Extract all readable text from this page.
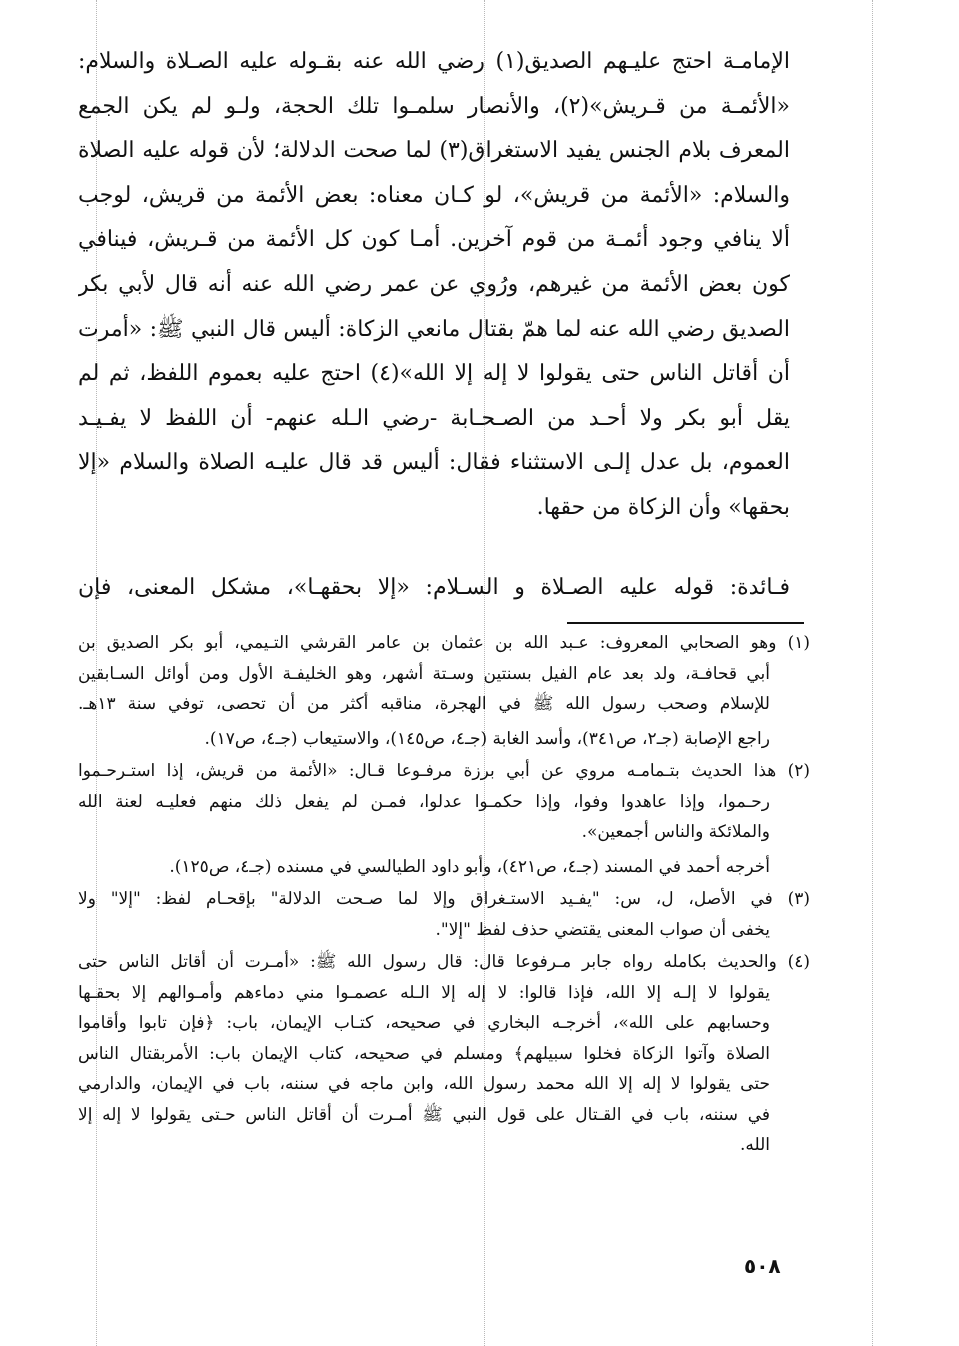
الإمامـة احتج عليـهم الصديق(١) رضي الله عنه بقـوله عليه الصـلاة والسلام:
«الأئمـة من قـريش»(٢)، والأنصار سلمـوا تلك الحجة، ولـو لم يكن الجمع
المعرف بلام الجنس يفيد الاستغراق(٣) لما صحت الدلالة؛ لأن قوله عليه الصلاة
والسلام: «الأئمة من قريش»، لو كـان معناه: بعض الأئمة من قريش، لوجب
ألا ينافي وجود أئمـة من قوم آخرين. أمـا كون كل الأئمة من قـريش، فينافي
كون بعض الأئمة من غيرهم، ورُوي عن عمر رضي الله عنه أنه قال لأبي بكر
الصديق رضي الله عنه لما همّ بقتال مانعي الزكاة: أليس قال النبي ﷺ: «أمرت
أن أقاتل الناس حتى يقولوا لا إله إلا الله»(٤) احتج عليه بعموم اللفظ، ثم لم
يقل أبو بكر ولا أحـد من الصـحـابة -رضي الـله عنهم- أن اللفظ لا يفـيـد
العموم، بل عدل إلـى الاستثناء فقال: أليس قد قال عليـه الصلاة والسلام «إلا
بحقها» وأن الزكاة من حقها.
فـائدة: قوله عليه الصـلاة و السـلام: «إلا بحقهـا»، مشكل المعنى، فإن
(١) وهو الصحابي المعروف: عـبد الله بن عثمان بن عامر القرشي التـيمي، أبو بكر الصديق بن
أبي قحافـة، ولد بعد عام الفيل بسنتين وسـتة أشهر، وهو الخليفـة الأول ومن أوائل السـابقين
للإسلام وصحب رسول الله ﷺ في الهجرة، مناقبه أكثر من أن تحصى، توفي سنة ١٣هـ.
راجع الإصابة (جـ٢، ص٣٤١)، وأسد الغابة (جـ٤، ص١٤٥)، والاستيعاب (جـ٤، ص١٧).
(٢) هذا الحديث بتـمامـه مروي عن أبي برزة مرفـوعا قـال: «الأئمة من قريش، إذا استـرحـموا
رحـموا، وإذا عاهدوا وفوا، وإذا حكمـوا عدلوا، فمـن لم يفعل ذلك منهم فعليـه لعنة الله
والملائكة والناس أجمعين».
أخرجه أحمد في المسند (جـ٤، ص٤٢١)، وأبو داود الطيالسي في مسنده (جـ٤، ص١٢٥).
(٣) في الأصل، ل، س: "يفـيد الاستـغراق وإلا لما صـحت الدلالة" بإقحـام لفظ: "إلا" ولا
يخفى أن صواب المعنى يقتضي حذف لفظ "إلا".
(٤) والحديث بكامله رواه جابر مـرفوعا قال: قال رسول الله ﷺ: «أمـرت أن أقاتل الناس حتى
يقولوا لا إلـه إلا الله، فإذا قالوا: لا إله إلا الـله عصمـوا مني دماءهم وأمـوالهم إلا بحقـها
وحسابهم على الله»، أخرجـه البخاري في صحيحه، كتـاب الإيمان، باب: ﴿فإن تابوا وأقاموا
الصلاة وآتوا الزكاة فخلوا سبيلهم﴾ ومسلم في صحيحه، كتاب الإيمان باب: الأمربقتال الناس
حتى يقولوا لا إله إلا الله محمد رسول الله، وابن ماجه في سننه، باب في الإيمان، والدارمي
في سننه، باب في القـتال على قول النبي ﷺ أمـرت أن أقاتل الناس حـتى يقولوا لا إله إلا
الله.
٥٠٨
